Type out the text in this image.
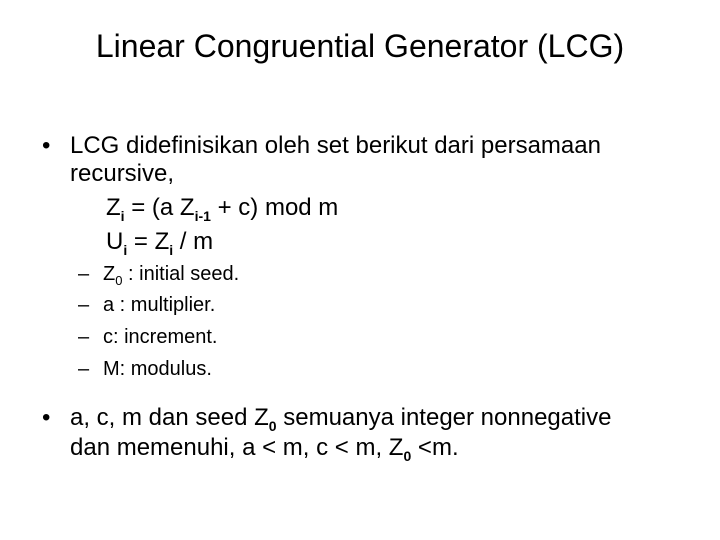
Linear Congruential Generator (LCG)
• LCG didefinisikan oleh set berikut dari persamaan
recursive,
$Z_i = (a$ $Z_{i-1} + c$) mod m
$U_i = Z_i / m$
– $Z_0$ : initial seed.
– a : multiplier.
– c: increment.
– M: modulus.
• a, c, m dan seed $Z_0$ semuanya integer nonnegative
dan memenuhi, a < m, c < m, $Z_0 <m$.
